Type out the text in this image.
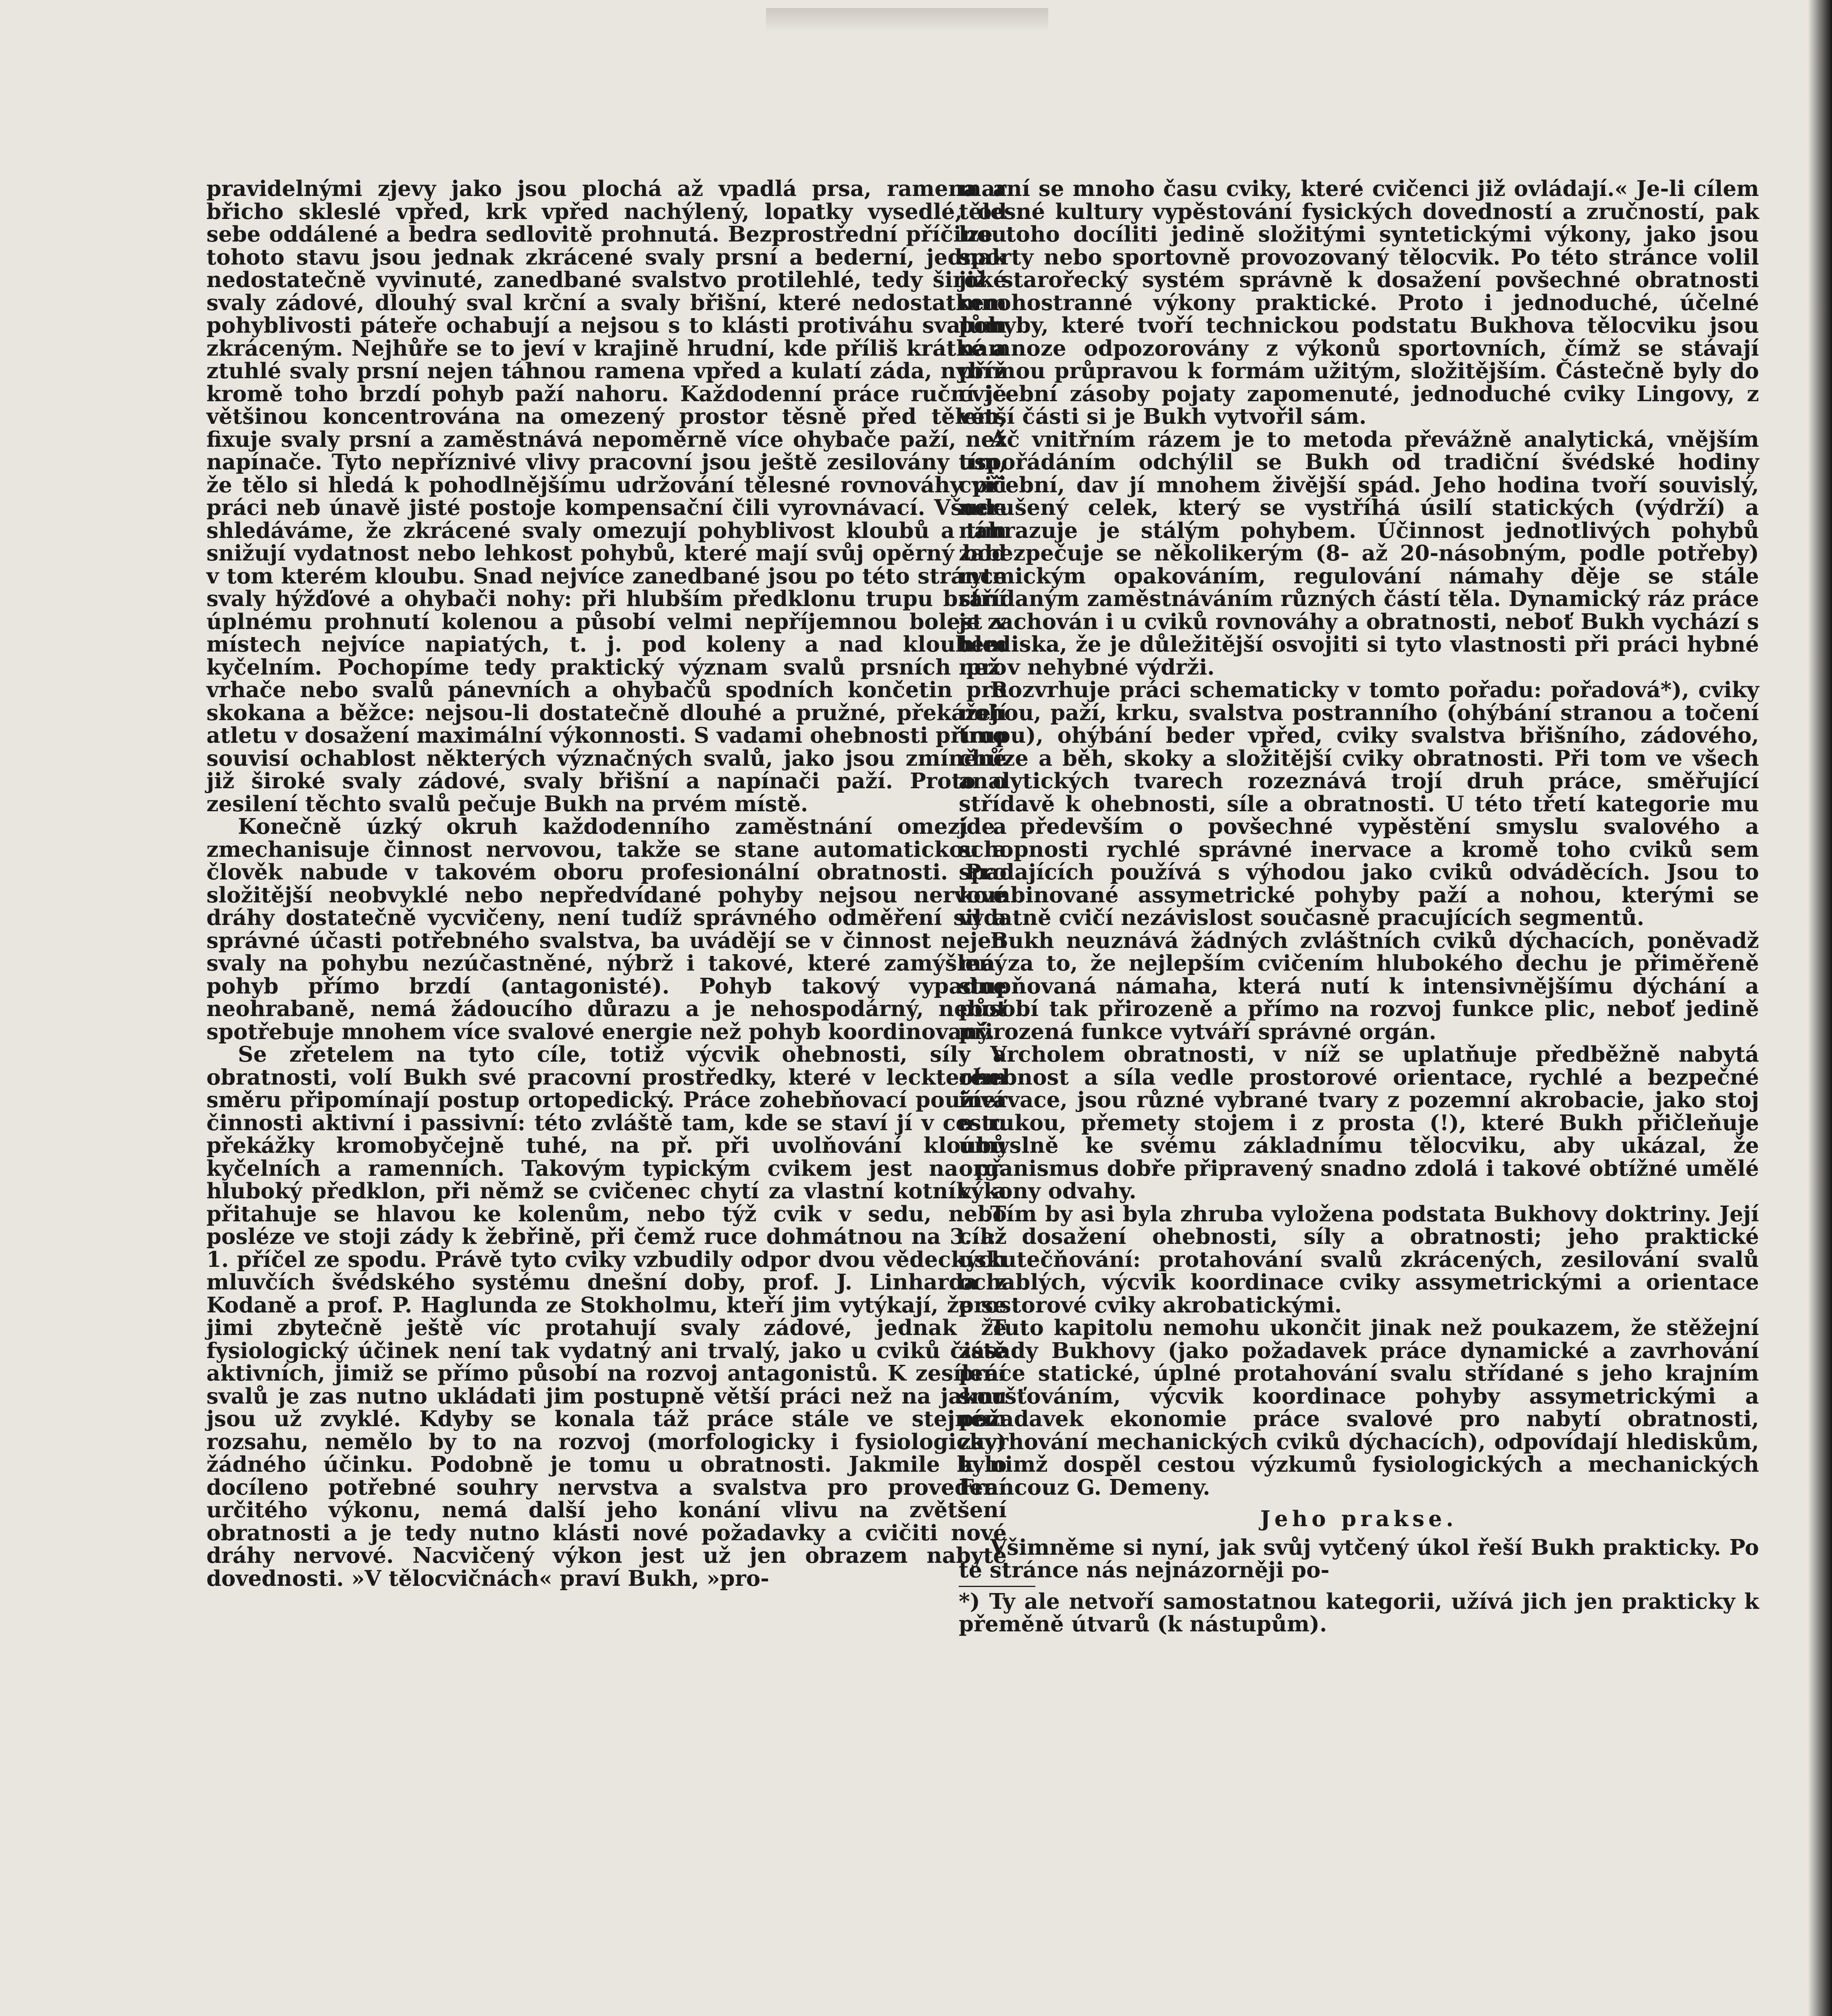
pravidelnými zjevy jako jsou plochá až vpadlá prsa, ramena a břicho skleslé vpřed, krk vpřed nachýlený, lopatky vysedlé, od sebe oddálené a bedra sedlovitě prohnutá. Bezprostřední příčinou tohoto stavu jsou jednak zkrácené svaly prsní a bederní, jednak nedostatečně vyvinuté, zanedbané svalstvo protilehlé, tedy široké svaly zádové, dlouhý sval krční a svaly břišní, které nedostatkem pohyblivosti páteře ochabují a nejsou s to klásti protiváhu svalům zkráceným. Nejhůře se to jeví v krajině hrudní, kde příliš krátké a ztuhlé svaly prsní nejen táhnou ramena vpřed a kulatí záda, nybrž kromě toho brzdí pohyb paží nahoru. Každodenní práce ruční je většinou koncentrována na omezený prostor těsně před tělem, fixuje svaly prsní a zaměstnává nepoměrně více ohybače paží, než napínače. Tyto nepříznivé vlivy pracovní jsou ještě zesilovány tím, že tělo si hledá k pohodlnějšímu udržování tělesné rovnováhy při práci neb únavě jisté postoje kompensační čili vyrovnávací. Všude shledáváme, že zkrácené svaly omezují pohyblivost kloubů a tím snižují vydatnost nebo lehkost pohybů, které mají svůj opěrný bod v tom kterém kloubu. Snad nejvíce zanedbané jsou po této stránce svaly hýžďové a ohybači nohy: při hlubším předklonu trupu brání úplnému prohnutí kolenou a působí velmi nepříjemnou bolest v místech nejvíce napiatých, t. j. pod koleny a nad kloubem kyčelním. Pochopíme tedy praktický význam svalů prsních pro vrhače nebo svalů pánevních a ohybačů spodních končetin pro skokana a běžce: nejsou-li dostatečně dlouhé a pružné, překážejí atletu v dosažení maximální výkonnosti. S vadami ohebnosti přímo souvisí ochablost některých význačných svalů, jako jsou zmíněné již široké svaly zádové, svaly břišní a napínači paží. Proto o zesilení těchto svalů pečuje Bukh na prvém místě.

Konečně úzký okruh každodenního zaměstnání omezí a zmechanisuje činnost nervovou, takže se stane automatickou a člověk nabude v takovém oboru profesionální obratnosti. Pro složitější neobvyklé nebo nepředvídané pohyby nejsou nervové dráhy dostatečně vycvičeny, není tudíž správného odměření sil a správné účasti potřebného svalstva, ba uvádějí se v činnost nejen svaly na pohybu nezúčastněné, nýbrž i takové, které zamýšlený pohyb přímo brzdí (antagonisté). Pohyb takový vypadne neohrabaně, nemá žádoucího důrazu a je nehospodárný, neboť spotřebuje mnohem více svalové energie než pohyb koordinovaný.

Se zřetelem na tyto cíle, totiž výcvik ohebnosti, síly a obratnosti, volí Bukh své pracovní prostředky, které v leckterém směru připomínají postup ortopedický. Práce zohebňovací používá činnosti aktivní i passivní: této zvláště tam, kde se staví jí v cestu překážky kromobyčejně tuhé, na př. při uvolňování kloubů kyčelních a ramenních. Takovým typickým cvikem jest na př. hluboký předklon, při němž se cvičenec chytí za vlastní kotníky a přitahuje se hlavou ke kolenům, nebo týž cvik v sedu, nebo posléze ve stoji zády k žebřině, při čemž ruce dohmátnou na 3. až 1. příčel ze spodu. Právě tyto cviky vzbudily odpor dvou vědeckých mluvčích švédského systému dnešní doby, prof. J. Linharda z Kodaně a prof. P. Haglunda ze Stokholmu, kteří jim vytýkají, že se jimi zbytečně ještě víc protahují svaly zádové, jednak že fysiologický účinek není tak vydatný ani trvalý, jako u cviků čistě aktivních, jimiž se přímo působí na rozvoj antagonistů. K zesílení svalů je zas nutno ukládati jim postupně větší práci než na jakou jsou už zvyklé. Kdyby se konala táž práce stále ve stejném rozsahu, nemělo by to na rozvoj (morfologicky i fysiologicky) žádného účinku. Podobně je tomu u obratnosti. Jakmile bylo docíleno potřebné souhry nervstva a svalstva pro provedení určitého výkonu, nemá další jeho konání vlivu na zvětšení obratnosti a je tedy nutno klásti nové požadavky a cvičiti nové dráhy nervové. Nacvičený výkon jest už jen obrazem nabyté dovednosti. »V tělocvičnách« praví Bukh, »pro-

marní se mnoho času cviky, které cvičenci již ovládají.« Je-li cílem tělesné kultury vypěstování fysických dovedností a zručností, pak lze toho docíliti jedině složitými syntetickými výkony, jako jsou sporty nebo sportovně provozovaný tělocvik. Po této stránce volil již starořecký systém správně k dosažení povšechné obratnosti mnohostranné výkony praktické. Proto i jednoduché, účelné pohyby, které tvoří technickou podstatu Bukhova tělocviku jsou namnoze odpozorovány z výkonů sportovních, čímž se stávají přímou průpravou k formám užitým, složitějším. Částečně byly do cvičební zásoby pojaty zapomenuté, jednoduché cviky Lingovy, z větší části si je Bukh vytvořil sám.

Ač vnitřním rázem je to metoda převážně analytická, vnějším uspořádáním odchýlil se Bukh od tradiční švédské hodiny cvičební, dav jí mnohem živější spád. Jeho hodina tvoří souvislý, nerušený celek, který se vystříhá úsilí statických (výdrží) a nahrazuje je stálým pohybem. Účinnost jednotlivých pohybů zabezpečuje se několikerým (8- až 20-násobným, podle potřeby) rytmickým opakováním, regulování námahy děje se stále střídaným zaměstnáváním různých částí těla. Dynamický ráz práce je zachován i u cviků rovnováhy a obratnosti, neboť Bukh vychází s hlediska, že je důležitější osvojiti si tyto vlastnosti při práci hybné než v nehybné výdrži.

Rozvrhuje práci schematicky v tomto pořadu: pořadová*), cviky nohou, paží, krku, svalstva postranního (ohýbání stranou a točení trupu), ohýbání beder vpřed, cviky svalstva břišního, zádového, chůze a běh, skoky a složitější cviky obratnosti. Při tom ve všech analytických tvarech rozeznává trojí druh práce, směřující střídavě k ohebnosti, síle a obratnosti. U této třetí kategorie mu jde především o povšechné vypěstění smyslu svalového a schopnosti rychlé správné inervace a kromě toho cviků sem spadajících používá s výhodou jako cviků odváděcích. Jsou to kombinované assymetrické pohyby paží a nohou, kterými se vydatně cvičí nezávislost současně pracujících segmentů.

Bukh neuznává žádných zvláštních cviků dýchacích, poněvadž má za to, že nejlepším cvičením hlubokého dechu je přiměřeně stupňovaná námaha, která nutí k intensivnějšímu dýchání a působí tak přirozeně a přímo na rozvoj funkce plic, neboť jedině přirozená funkce vytváří správné orgán.

Vrcholem obratnosti, v níž se uplatňuje předběžně nabytá ohebnost a síla vedle prostorové orientace, rychlé a bezpečné inervace, jsou různé vybrané tvary z pozemní akrobacie, jako stoj o rukou, přemety stojem i z prosta (!), které Bukh přičleňuje úmyslně ke svému základnímu tělocviku, aby ukázal, že organismus dobře připravený snadno zdolá i takové obtížné umělé výkony odvahy.

Tím by asi byla zhruba vyložena podstata Bukhovy doktriny. Její cíl: dosažení ohebnosti, síly a obratnosti; jeho praktické uskutečňování: protahování svalů zkrácených, zesilování svalů ochablých, výcvik koordinace cviky assymetrickými a orientace prostorové cviky akrobatickými.

Tuto kapitolu nemohu ukončit jinak než poukazem, že stěžejní zásady Bukhovy (jako požadavek práce dynamické a zavrhování práce statické, úplné protahování svalu střídané s jeho krajním smršťováním, výcvik koordinace pohyby assymetrickými a požadavek ekonomie práce svalové pro nabytí obratnosti, zavrhování mechanických cviků dýchacích), odpovídají hlediskům, k nimž dospěl cestou výzkumů fysiologických a mechanických Francouz G. Demeny.

Jeho prakse.

Všimněme si nyní, jak svůj vytčený úkol řeší Bukh prakticky. Po té stránce nás nejnázorněji po-

*) Ty ale netvoří samostatnou kategorii, užívá jich jen prakticky k přeměně útvarů (k nástupům).
